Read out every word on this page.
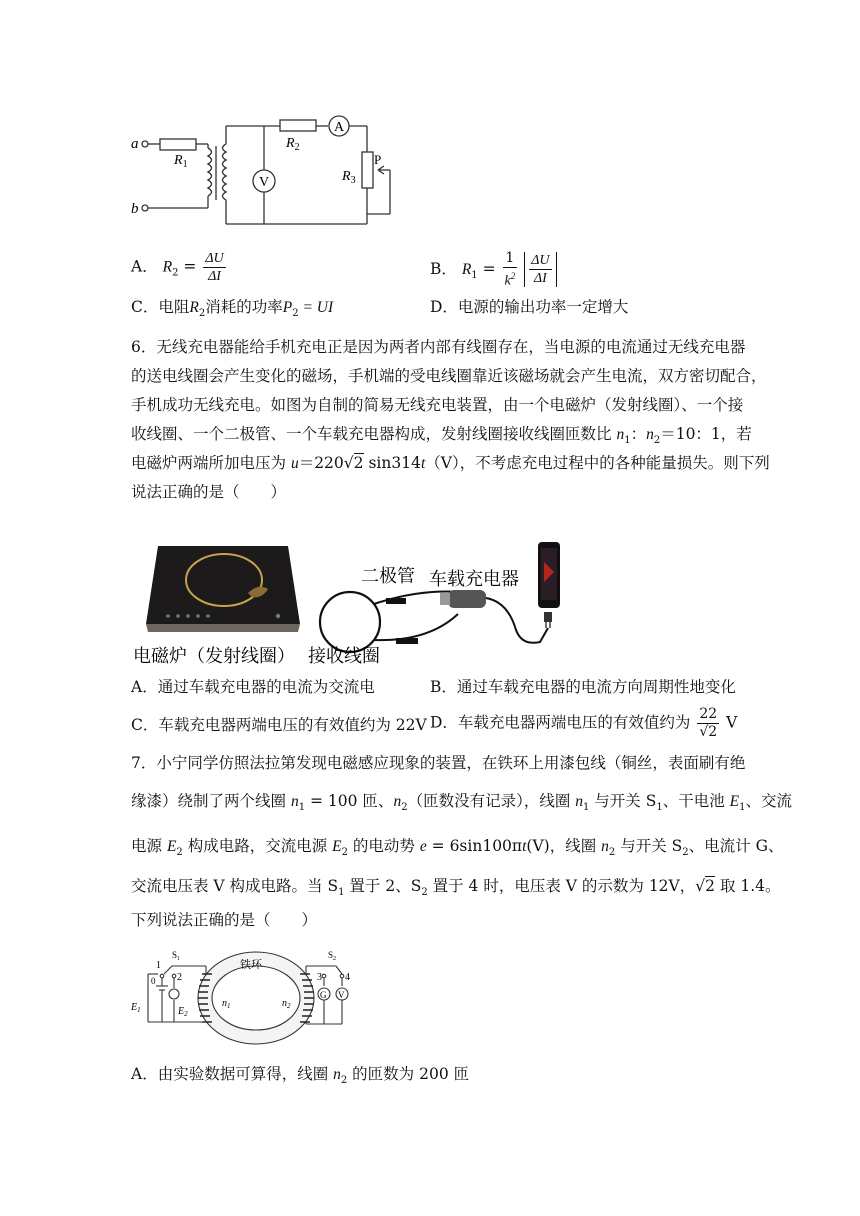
a
b
$R_1$
$R_2$
$R_3$
A
V
P
A． $R_2 = \frac{\Delta U}{\Delta I}$	B． $R_1 = \frac{1}{k^2}$
$\frac{\Delta U}{\Delta I}$
C．电阻$R_2$消耗的功率$P_2$ = UI	D．电源的输出功率一定增大
6．无线充电器能给手机充电正是因为两者内部有线圈存在，当电源的电流通过无线充电器
的送电线圈会产生变化的磁场，手机端的受电线圈靠近该磁场就会产生电流，双方密切配合，
手机成功无线充电。如图为自制的简易无线充电装置，由一个电磁炉（发射线圈）、一个接
收线圈、一个二极管、一个车载充电器构成，发射线圈接收线圈匝数比 $n_1$：$n_2=10$：1，若
电磁炉两端所加电压为 u＝220√2 sin314t（V），不考虑充电过程中的各种能量损失。则下列
说法正确的是（　　）
二极管 车载充电器
电磁炉（发射线圈） 接收线圈
A．通过车载充电器的电流为交流电	B．通过车载充电器的电流方向周期性地变化
C．车载充电器两端电压的有效值约为 22V D．车载充电器两端电压的有效值约为 $\frac{22}{√2}$ V
7．小宁同学仿照法拉第发现电磁感应现象的装置，在铁环上用漆包线（铜丝，表面刷有绝
缘漆）绕制了两个线圈 $n_1 = 100$ 匝、$n_2$（匝数没有记录），线圈 $n_1$ 与开关 $S_1$、干电池 $E_1$、交流
电源 $E_2$ 构成电路，交流电源 $E_2$ 的电动势 e = 6sin100πt(V)，线圈 $n_2$ 与开关 $S_2$、电流计 G、
交流电压表 V 构成电路。当 $S_1$ 置于 2、$S_2$ 置于 4 时，电压表 V 的示数为 12V，√2 取 1.4。
下列说法正确的是（　　）
铁环
$n_1$	$n_2$
$S_1$	$S_2$
1
2	3 4
0
$E_1$	$E_2$
G V
A．由实验数据可算得，线圈 $n_2$ 的匝数为 200 匝
